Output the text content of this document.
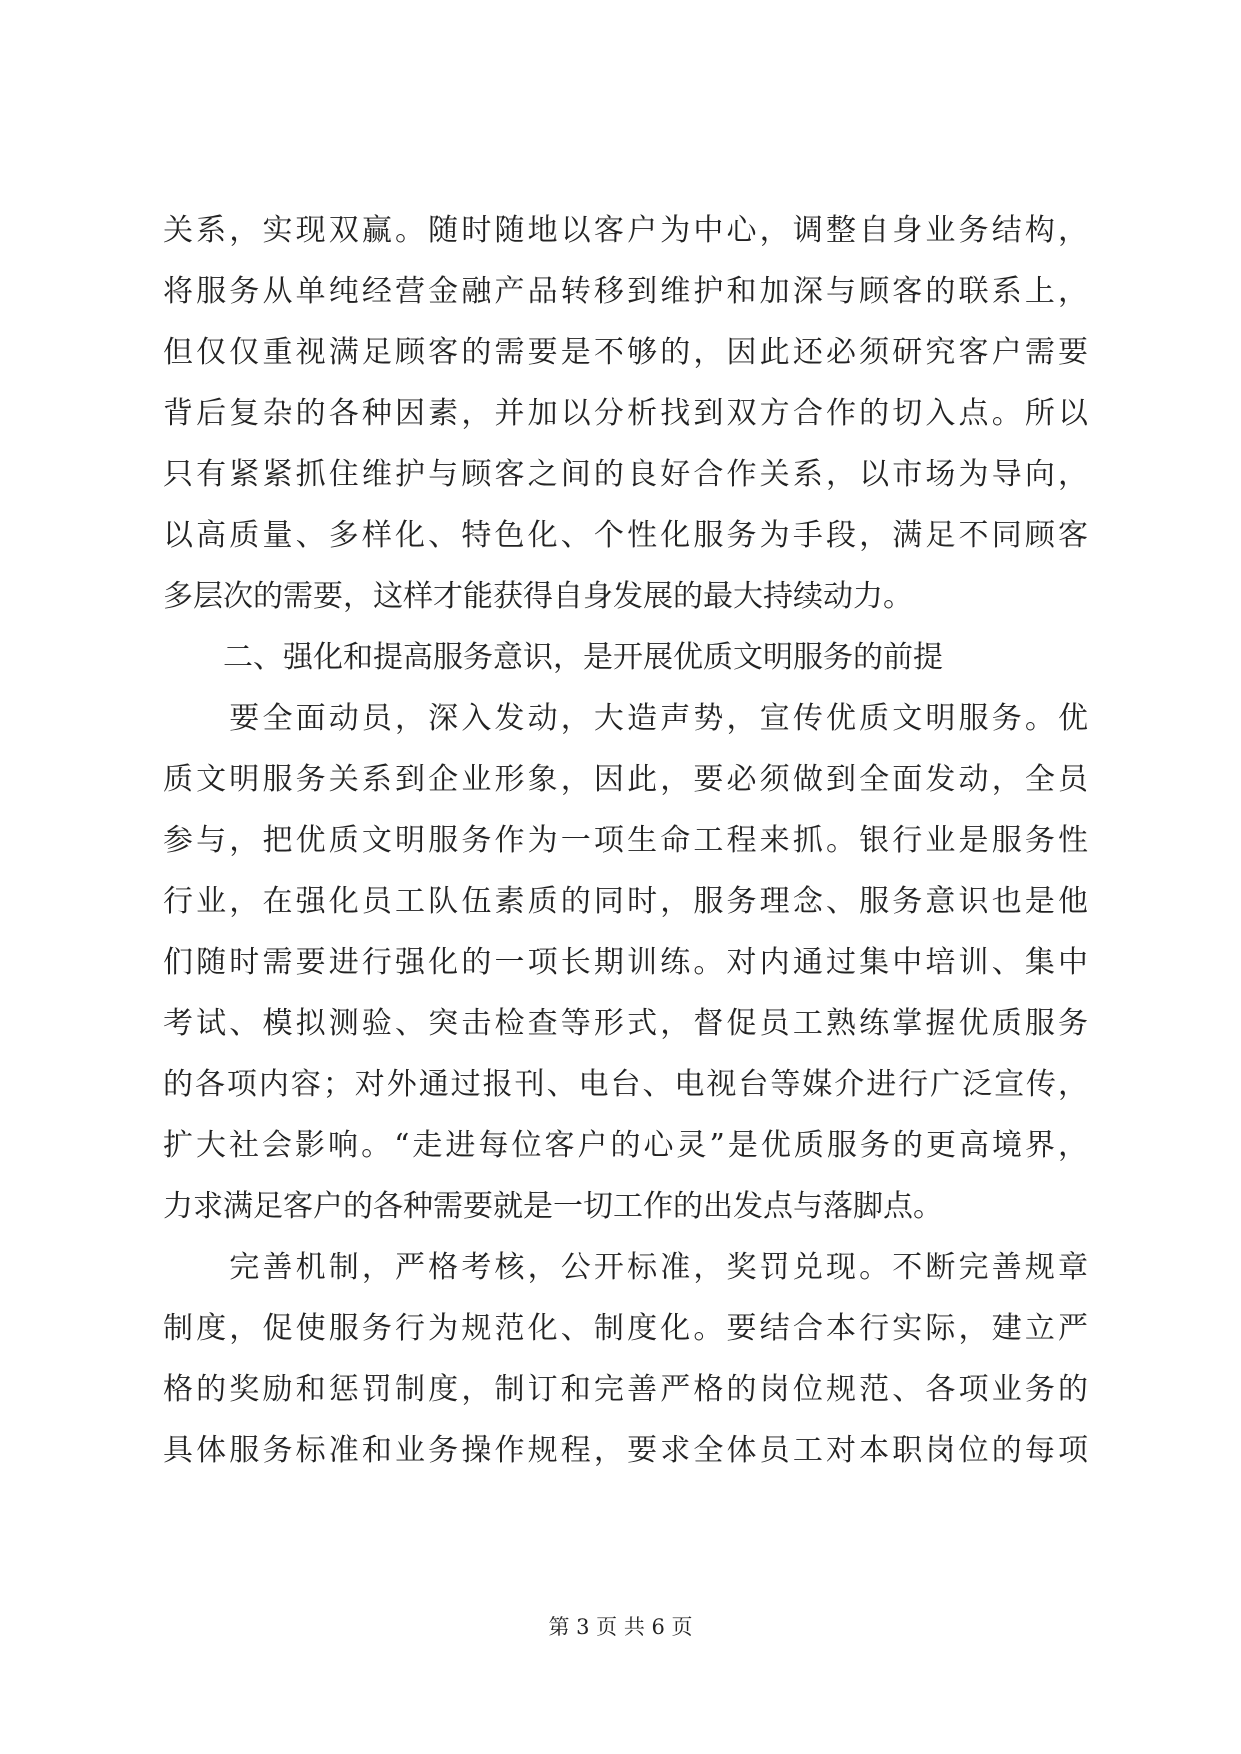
关系，实现双赢。随时随地以客户为中心，调整自身业务结构，
将服务从单纯经营金融产品转移到维护和加深与顾客的联系上，
但仅仅重视满足顾客的需要是不够的，因此还必须研究客户需要
背后复杂的各种因素，并加以分析找到双方合作的切入点。所以
只有紧紧抓住维护与顾客之间的良好合作关系，以市场为导向，
以高质量、多样化、特色化、个性化服务为手段，满足不同顾客
多层次的需要，这样才能获得自身发展的最大持续动力。
　　二、强化和提高服务意识，是开展优质文明服务的前提
　　要全面动员，深入发动，大造声势，宣传优质文明服务。优
质文明服务关系到企业形象，因此，要必须做到全面发动，全员
参与，把优质文明服务作为一项生命工程来抓。银行业是服务性
行业，在强化员工队伍素质的同时，服务理念、服务意识也是他
们随时需要进行强化的一项长期训练。对内通过集中培训、集中
考试、模拟测验、突击检查等形式，督促员工熟练掌握优质服务
的各项内容；对外通过报刊、电台、电视台等媒介进行广泛宣传，
扩大社会影响。“走进每位客户的心灵”是优质服务的更高境界，
力求满足客户的各种需要就是一切工作的出发点与落脚点。
　　完善机制，严格考核，公开标准，奖罚兑现。不断完善规章
制度，促使服务行为规范化、制度化。要结合本行实际，建立严
格的奖励和惩罚制度，制订和完善严格的岗位规范、各项业务的
具体服务标准和业务操作规程，要求全体员工对本职岗位的每项
第 3 页 共 6 页
